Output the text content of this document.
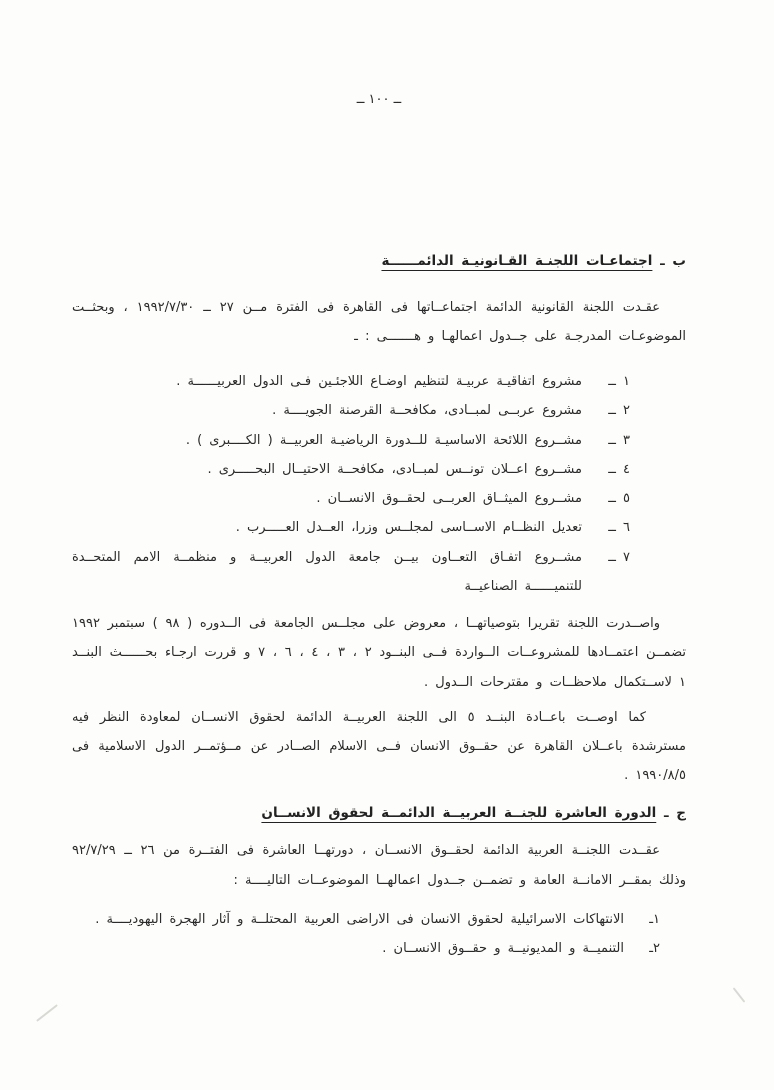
ــ ١٠٠ ــ
ب ـ اجتماعـات اللجنـة القـانونيـة الدائمــــــة

عقـدت اللجنة القانونية الدائمة اجتماعــاتها فى القاهرة فى الفترة مــن ٢٧ ــ ١٩٩٢/٧/٣٠ ، وبحثــت الموضوعـات المدرجـة على جــدول اعمالهـا و هـــــــى : ـ

١ ــ
مشروع اتفاقيـة عربيـة لتنظيم اوضـاع اللاجئـين فـى الدول العربيــــــة .
٢ ــ
مشروع عربــى لمبــادى، مكافحــة القرصنة الجويــــة .
٣ ــ
مشــروع اللائحة الاساسيـة للــدورة الرياضيـة العربيــة ( الكــــبرى ) .
٤ ــ
مشــروع اعــلان تونــس لمبــادى، مكافحــة الاحتيــال البحـــــرى .
٥ ــ
مشــروع الميثــاق العربــى لحقــوق الانســان .
٦ ــ
تعديل النظــام الاســاسى لمجلــس وزرا، العــدل العـــــرب .
٧ ــ
مشــروع اتفـاق التعــاون بيــن جامعة الدول العربيــة و منظمــة الامم المتحــدة للتنميــــــة الصناعيــة

واصــدرت اللجنة تقريرا بتوصياتهــا ، معروض على مجلــس الجامعة فى الــدوره ( ٩٨ ) سبتمبر ١٩٩٢ تضمــن اعتمــادها للمشروعــات الــواردة فــى البنــود ٢ ، ٣ ، ٤ ، ٦ ، ٧ و قررت ارجـاء بحــــــث البنــد ١ لاســتكمال ملاحظــات و مقترحات الــدول .

كما اوصــت باعــادة البنــد ٥ الى اللجنة العربيــة الدائمة لحقوق الانســان لمعاودة النظر فيه مسترشدة باعــلان القاهرة عن حقــوق الانسان فــى الاسلام الصــادر عن مــؤتمــر الدول الاسلامية فى ١٩٩٠/٨/٥ .

ج ـ الدورة العاشرة للجنــة العربيــة الدائمــة لحقوق الانســان

عقــدت اللجنــة العربية الدائمة لحقــوق الانســان ، دورتهــا العاشرة فى الفتــرة من ٢٦ ــ ٩٢/٧/٢٩ وذلك بمقــر الامانــة العامة و تضمــن جــدول اعمالهــا الموضوعــات التاليــــة :

١ـ
الانتهاكات الاسرائيلية لحقوق الانسان فى الاراضى العربية المحتلــة و آثار الهجرة اليهوديــــة .
٢ـ
التنميــة و المديونيــة و حقــوق الانســان .
